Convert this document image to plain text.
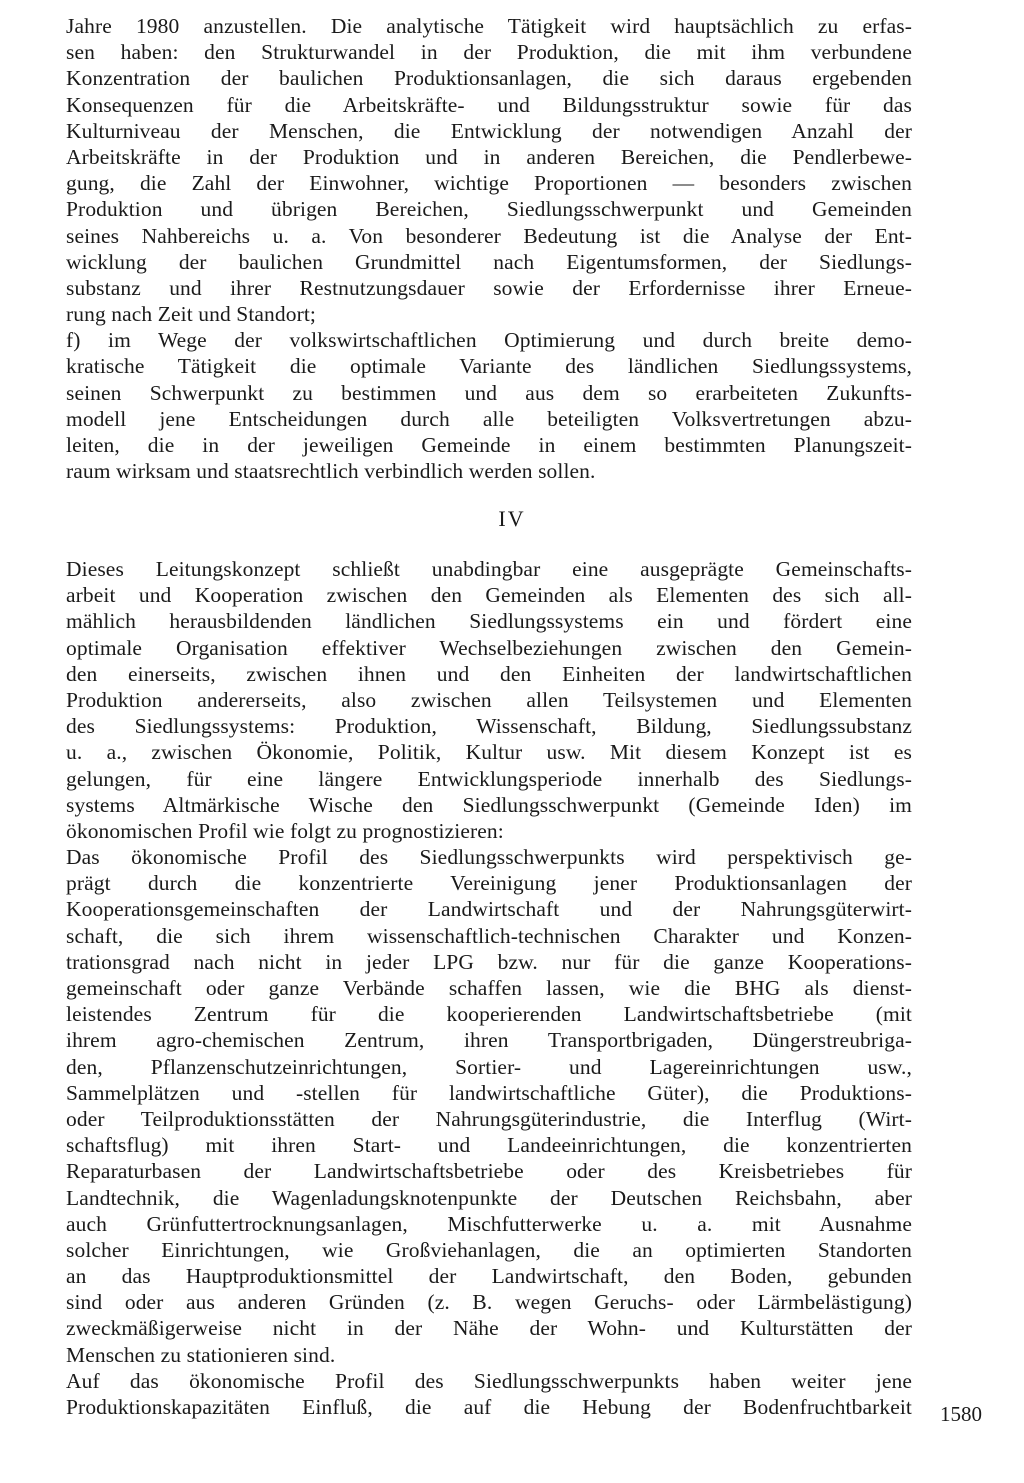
Jahre 1980 anzustellen. Die analytische Tätigkeit wird hauptsächlich zu erfas-
sen haben: den Strukturwandel in der Produktion, die mit ihm verbundene
Konzentration der baulichen Produktionsanlagen, die sich daraus ergebenden
Konsequenzen für die Arbeitskräfte- und Bildungsstruktur sowie für das
Kulturniveau der Menschen, die Entwicklung der notwendigen Anzahl der
Arbeitskräfte in der Produktion und in anderen Bereichen, die Pendlerbewe-
gung, die Zahl der Einwohner, wichtige Proportionen — besonders zwischen
Produktion und übrigen Bereichen, Siedlungsschwerpunkt und Gemeinden
seines Nahbereichs u. a. Von besonderer Bedeutung ist die Analyse der Ent-
wicklung der baulichen Grundmittel nach Eigentumsformen, der Siedlungs-
substanz und ihrer Restnutzungsdauer sowie der Erfordernisse ihrer Erneue-
rung nach Zeit und Standort;
f) im Wege der volkswirtschaftlichen Optimierung und durch breite demo-
kratische Tätigkeit die optimale Variante des ländlichen Siedlungssystems,
seinen Schwerpunkt zu bestimmen und aus dem so erarbeiteten Zukunfts-
modell jene Entscheidungen durch alle beteiligten Volksvertretungen abzu-
leiten, die in der jeweiligen Gemeinde in einem bestimmten Planungszeit-
raum wirksam und staatsrechtlich verbindlich werden sollen.
IV
Dieses Leitungskonzept schließt unabdingbar eine ausgeprägte Gemeinschafts-
arbeit und Kooperation zwischen den Gemeinden als Elementen des sich all-
mählich herausbildenden ländlichen Siedlungssystems ein und fördert eine
optimale Organisation effektiver Wechselbeziehungen zwischen den Gemein-
den einerseits, zwischen ihnen und den Einheiten der landwirtschaftlichen
Produktion andererseits, also zwischen allen Teilsystemen und Elementen
des Siedlungssystems: Produktion, Wissenschaft, Bildung, Siedlungssubstanz
u. a., zwischen Ökonomie, Politik, Kultur usw. Mit diesem Konzept ist es
gelungen, für eine längere Entwicklungsperiode innerhalb des Siedlungs-
systems Altmärkische Wische den Siedlungsschwerpunkt (Gemeinde Iden) im
ökonomischen Profil wie folgt zu prognostizieren:
Das ökonomische Profil des Siedlungsschwerpunkts wird perspektivisch ge-
prägt durch die konzentrierte Vereinigung jener Produktionsanlagen der
Kooperationsgemeinschaften der Landwirtschaft und der Nahrungsgüterwirt-
schaft, die sich ihrem wissenschaftlich-technischen Charakter und Konzen-
trationsgrad nach nicht in jeder LPG bzw. nur für die ganze Kooperations-
gemeinschaft oder ganze Verbände schaffen lassen, wie die BHG als dienst-
leistendes Zentrum für die kooperierenden Landwirtschaftsbetriebe (mit
ihrem agro-chemischen Zentrum, ihren Transportbrigaden, Düngerstreubriga-
den, Pflanzenschutzeinrichtungen, Sortier- und Lagereinrichtungen usw.,
Sammelplätzen und -stellen für landwirtschaftliche Güter), die Produktions-
oder Teilproduktionsstätten der Nahrungsgüterindustrie, die Interflug (Wirt-
schaftsflug) mit ihren Start- und Landeeinrichtungen, die konzentrierten
Reparaturbasen der Landwirtschaftsbetriebe oder des Kreisbetriebes für
Landtechnik, die Wagenladungsknotenpunkte der Deutschen Reichsbahn, aber
auch Grünfuttertrocknungsanlagen, Mischfutterwerke u. a. mit Ausnahme
solcher Einrichtungen, wie Großviehanlagen, die an optimierten Standorten
an das Hauptproduktionsmittel der Landwirtschaft, den Boden, gebunden
sind oder aus anderen Gründen (z. B. wegen Geruchs- oder Lärmbelästigung)
zweckmäßigerweise nicht in der Nähe der Wohn- und Kulturstätten der
Menschen zu stationieren sind.
Auf das ökonomische Profil des Siedlungsschwerpunkts haben weiter jene
Produktionskapazitäten Einfluß, die auf die Hebung der Bodenfruchtbarkeit 1580
